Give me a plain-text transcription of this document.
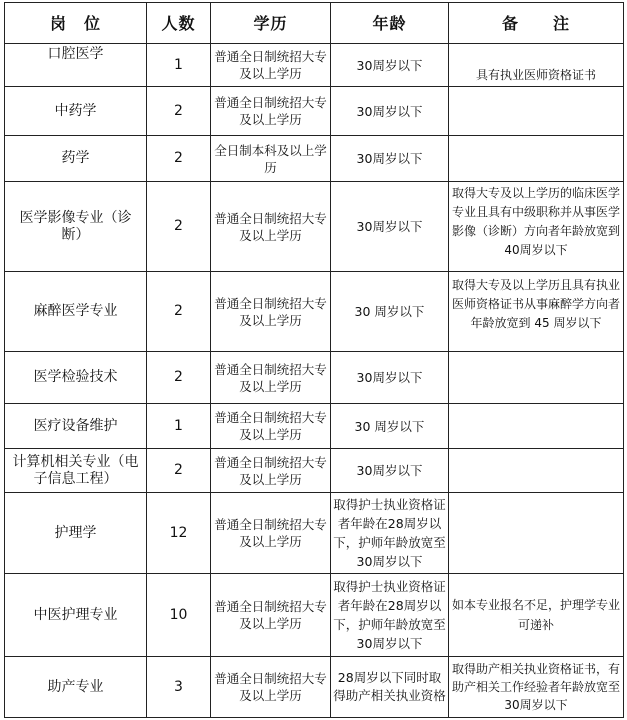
岗　位	人数	学历	年龄	备　　注
口腔医学	1	普通全日制统招大专及以上学历	30周岁以下	具有执业医师资格证书
中药学	2	普通全日制统招大专及以上学历	30周岁以下	
药学	2	全日制本科及以上学历	30周岁以下	
医学影像专业（诊断）	2	普通全日制统招大专及以上学历	30周岁以下	取得大专及以上学历的临床医学专业且具有中级职称并从事医学影像（诊断）方向者年龄放宽到40周岁以下
麻醉医学专业	2	普通全日制统招大专及以上学历	30 周岁以下	取得大专及以上学历且具有执业医师资格证书从事麻醉学方向者年龄放宽到 45 周岁以下
医学检验技术	2	普通全日制统招大专及以上学历	30周岁以下	
医疗设备维护	1	普通全日制统招大专及以上学历	30 周岁以下	
计算机相关专业（电子信息工程）	2	普通全日制统招大专及以上学历	30周岁以下	
护理学	12	普通全日制统招大专及以上学历	取得护士执业资格证者年龄在28周岁以下，护师年龄放宽至30周岁以下	
中医护理专业	10	普通全日制统招大专及以上学历	取得护士执业资格证者年龄在28周岁以下，护师年龄放宽至30周岁以下	如本专业报名不足，护理学专业可递补
助产专业	3	普通全日制统招大专及以上学历	28周岁以下同时取得助产相关执业资格	取得助产相关执业资格证书，有助产相关工作经验者年龄放宽至30周岁以下
